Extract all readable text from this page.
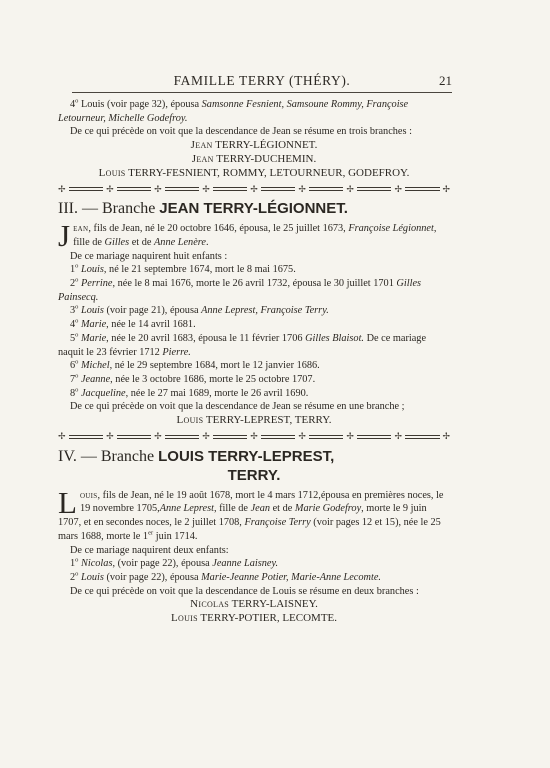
FAMILLE TERRY (THÉRY).	21

4$^o$ Louis (voir page 32), épousa Samsonne Fesnient, Samsoune Rommy, Françoise Letourneur, Michelle Godefroy.

De ce qui précède on voit que la descendance de Jean se résume en trois branches :

Jean TERRY-LÉGIONNET.

Jean TERRY-DUCHEMIN.

Louis TERRY-FESNIENT, ROMMY, LETOURNEUR, GODEFROY.

✢	✢	✢	✢	✢	✢	✢	✢	✢
III. — Branche JEAN TERRY-LÉGIONNET.

Jean, fils de Jean, né le 20 octobre 1646, épousa, le 25 juillet 1673, Françoise Légionnet, fille de Gilles et de Anne Lenère.

De ce mariage naquirent huit enfants :

1$^o$ Louis, né le 21 septembre 1674, mort le 8 mai 1675.

2$^o$ Perrine, née le 8 mai 1676, morte le 26 avril 1732, épousa le 30 juillet 1701 Gilles Painsecq.

3$^o$ Louis (voir page 21), épousa Anne Leprest, Françoise Terry.

4$^o$ Marie, née le 14 avril 1681.

5$^o$ Marie, née le 20 avril 1683, épousa le 11 février 1706 Gilles Blaisot. De ce mariage naquit le 23 février 1712 Pierre.

6$^o$ Michel, né le 29 septembre 1684, mort le 12 janvier 1686.

7$^o$ Jeanne, née le 3 octobre 1686, morte le 25 octobre 1707.

8$^o$ Jacqueline, née le 27 mai 1689, morte le 26 avril 1690.

De ce qui précède on voit que la descendance de Jean se résume en une branche ;

Louis TERRY-LEPREST, TERRY.

✢	✢	✢	✢	✢	✢	✢	✢	✢
IV. — Branche LOUIS TERRY-LEPREST,
TERRY.

Louis, fils de Jean, né le 19 août 1678, mort le 4 mars 1712,épousa en premières noces, le 19 novembre 1705,Anne Leprest, fille de Jean et de Marie Godefroy, morte le 9 juin 1707, et en secondes noces, le 2 juillet 1708, Françoise Terry (voir pages 12 et 15), née le 25 mars 1688, morte le 1er juin 1714.

De ce mariage naquirent deux enfants:

1$^o$ Nicolas, (voir page 22), épousa Jeanne Laisney.

2$^o$ Louis (voir page 22), épousa Marie-Jeanne Potier, Marie-Anne Lecomte.

De ce qui précède on voit que la descendance de Louis se résume en deux branches :

Nicolas TERRY-LAISNEY.

Louis TERRY-POTIER, LECOMTE.
